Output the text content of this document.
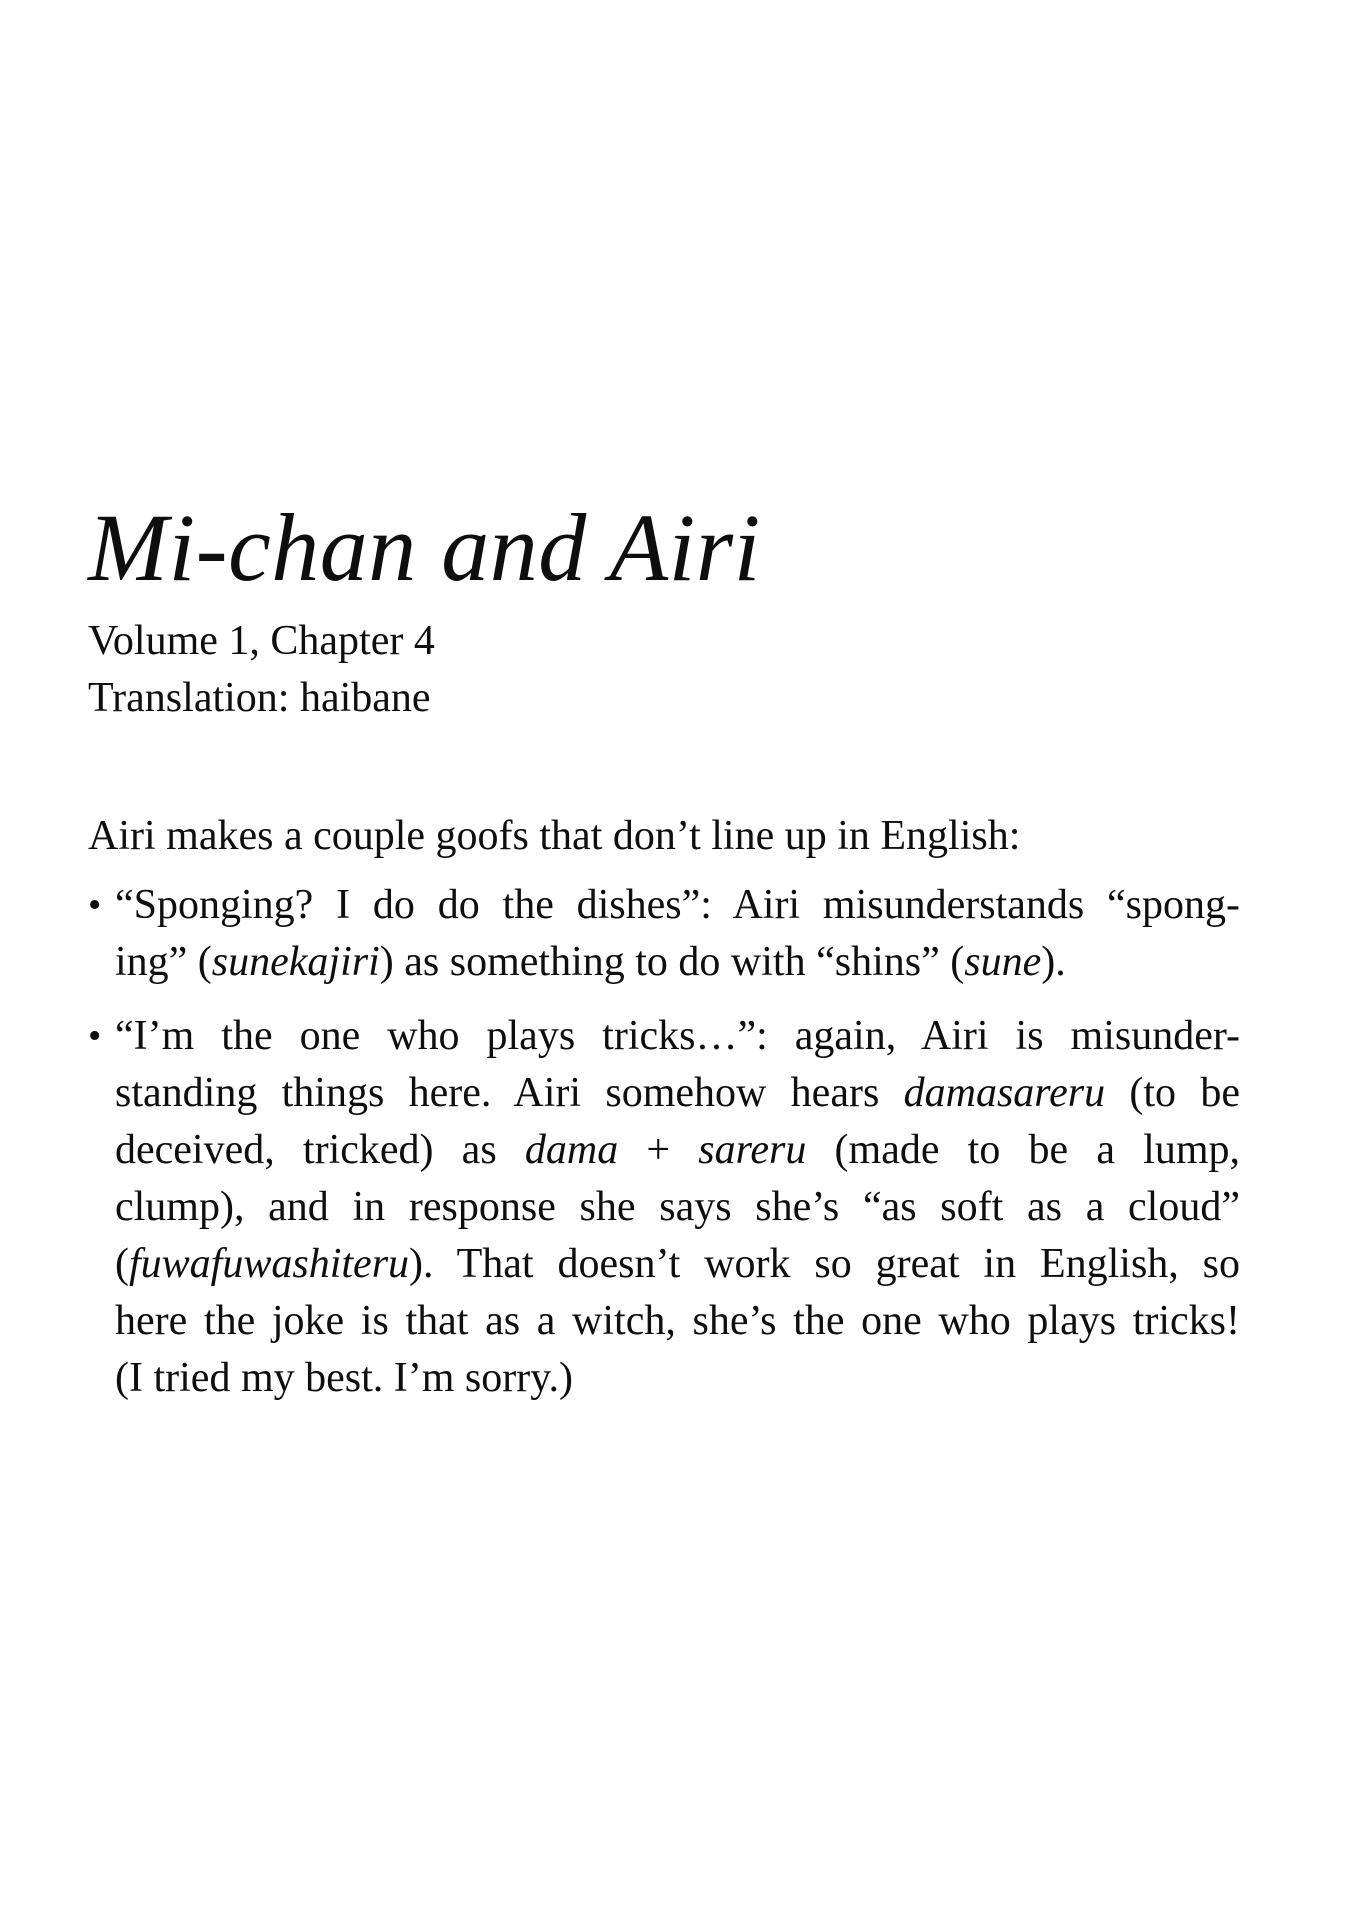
Mi-chan and Airi
Volume 1, Chapter 4
Translation: haibane

Airi makes a couple goofs that don’t line up in English:

• “Sponging? I do do the dishes”: Airi misunderstands “spong-
ing” (sunekajiri) as something to do with “shins” (sune).
• “I’m the one who plays tricks…”: again, Airi is misunder-
standing things here. Airi somehow hears damasareru (to be
deceived, tricked) as dama + sareru (made to be a lump,
clump), and in response she says she’s “as soft as a cloud”
(fuwafuwashiteru). That doesn’t work so great in English, so
here the joke is that as a witch, she’s the one who plays tricks!
(I tried my best. I’m sorry.)
